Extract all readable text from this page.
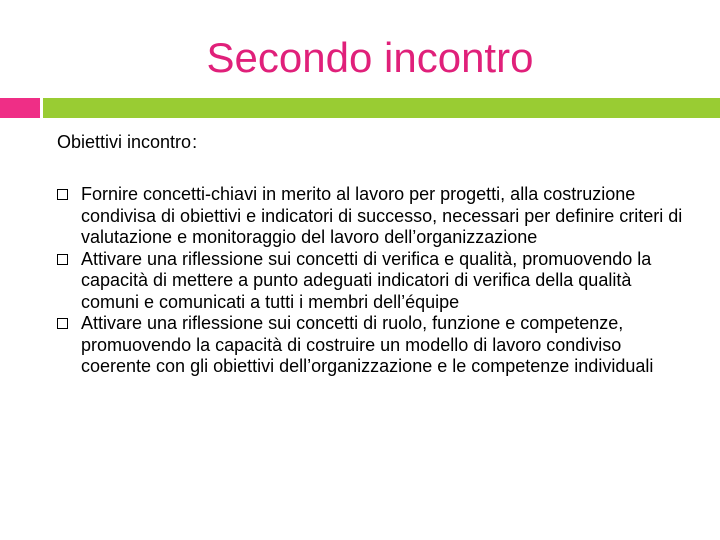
Secondo incontro
Obiettivi incontro:
Fornire concetti-chiavi in merito al lavoro per progetti, alla costruzione condivisa di obiettivi e indicatori di successo, necessari per definire criteri di valutazione e monitoraggio del lavoro dell’organizzazione
Attivare una riflessione sui concetti di verifica e qualità, promuovendo la capacità di mettere a punto adeguati indicatori di verifica della qualità comuni e comunicati a tutti i membri dell’équipe
Attivare una riflessione sui concetti di ruolo, funzione e competenze, promuovendo la capacità di costruire un modello di lavoro condiviso coerente con gli obiettivi dell’organizzazione e le competenze individuali
